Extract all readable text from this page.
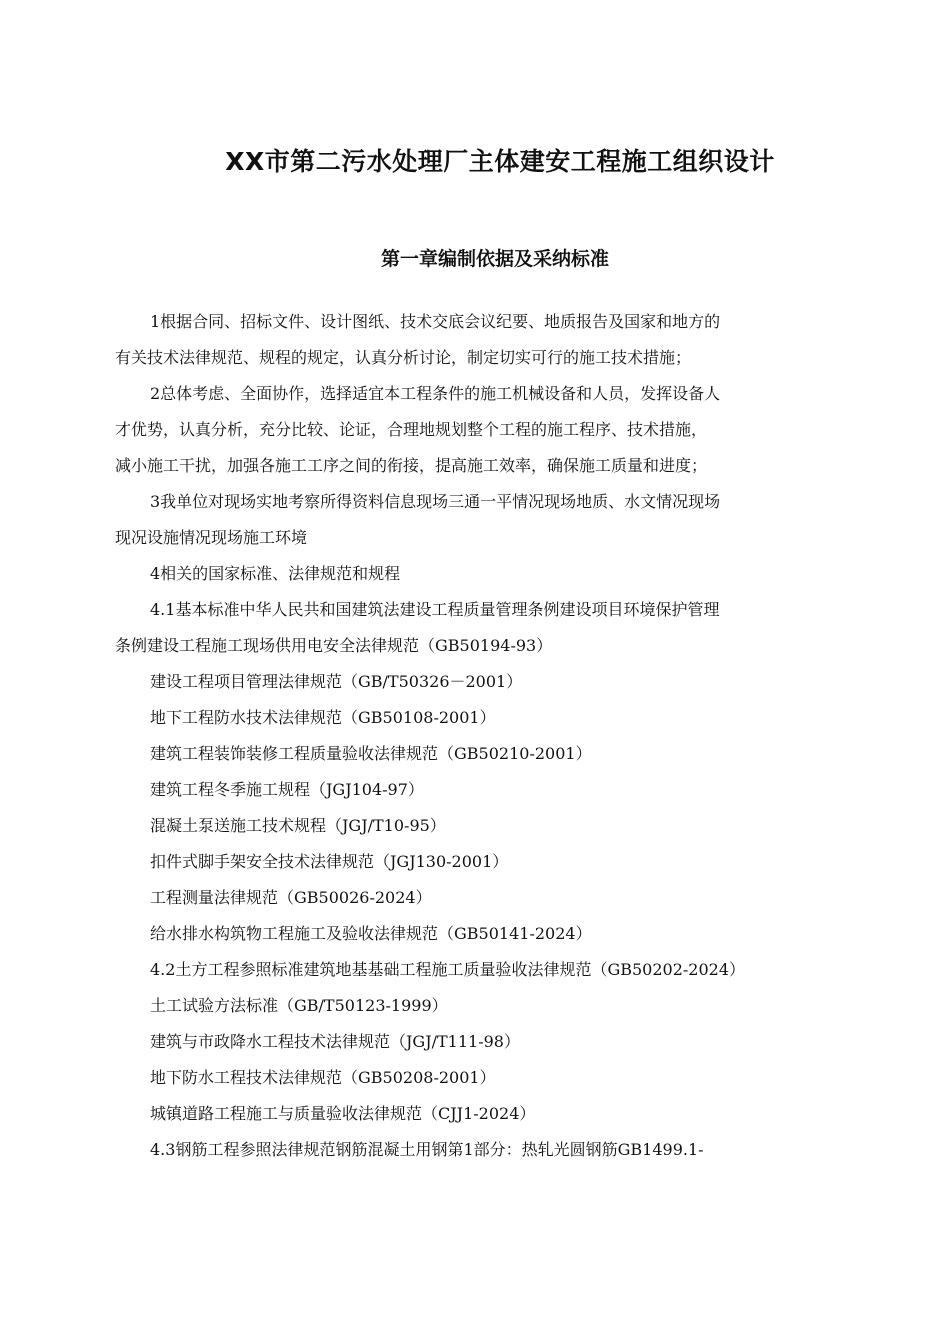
XX市第二污水处理厂主体建安工程施工组织设计
第一章编制依据及采纳标准
1根据合同、招标文件、设计图纸、技术交底会议纪要、地质报告及国家和地方的
有关技术法律规范、规程的规定，认真分析讨论，制定切实可行的施工技术措施；
2总体考虑、全面协作，选择适宜本工程条件的施工机械设备和人员，发挥设备人
才优势，认真分析，充分比较、论证，合理地规划整个工程的施工程序、技术措施，
减小施工干扰，加强各施工工序之间的衔接，提高施工效率，确保施工质量和进度；
3我单位对现场实地考察所得资料信息现场三通一平情况现场地质、水文情况现场
现况设施情况现场施工环境
4相关的国家标准、法律规范和规程
4.1基本标准中华人民共和国建筑法建设工程质量管理条例建设项目环境保护管理
条例建设工程施工现场供用电安全法律规范（GB50194-93）
建设工程项目管理法律规范（GB/T50326－2001）
地下工程防水技术法律规范（GB50108-2001）
建筑工程装饰装修工程质量验收法律规范（GB50210-2001）
建筑工程冬季施工规程（JGJ104-97）
混凝土泵送施工技术规程（JGJ/T10-95）
扣件式脚手架安全技术法律规范（JGJ130-2001）
工程测量法律规范（GB50026-2024）
给水排水构筑物工程施工及验收法律规范（GB50141-2024）
4.2土方工程参照标准建筑地基基础工程施工质量验收法律规范（GB50202-2024）
土工试验方法标准（GB/T50123-1999）
建筑与市政降水工程技术法律规范（JGJ/T111-98）
地下防水工程技术法律规范（GB50208-2001）
城镇道路工程施工与质量验收法律规范（CJJ1-2024）
4.3钢筋工程参照法律规范钢筋混凝土用钢第1部分：热轧光圆钢筋GB1499.1-
